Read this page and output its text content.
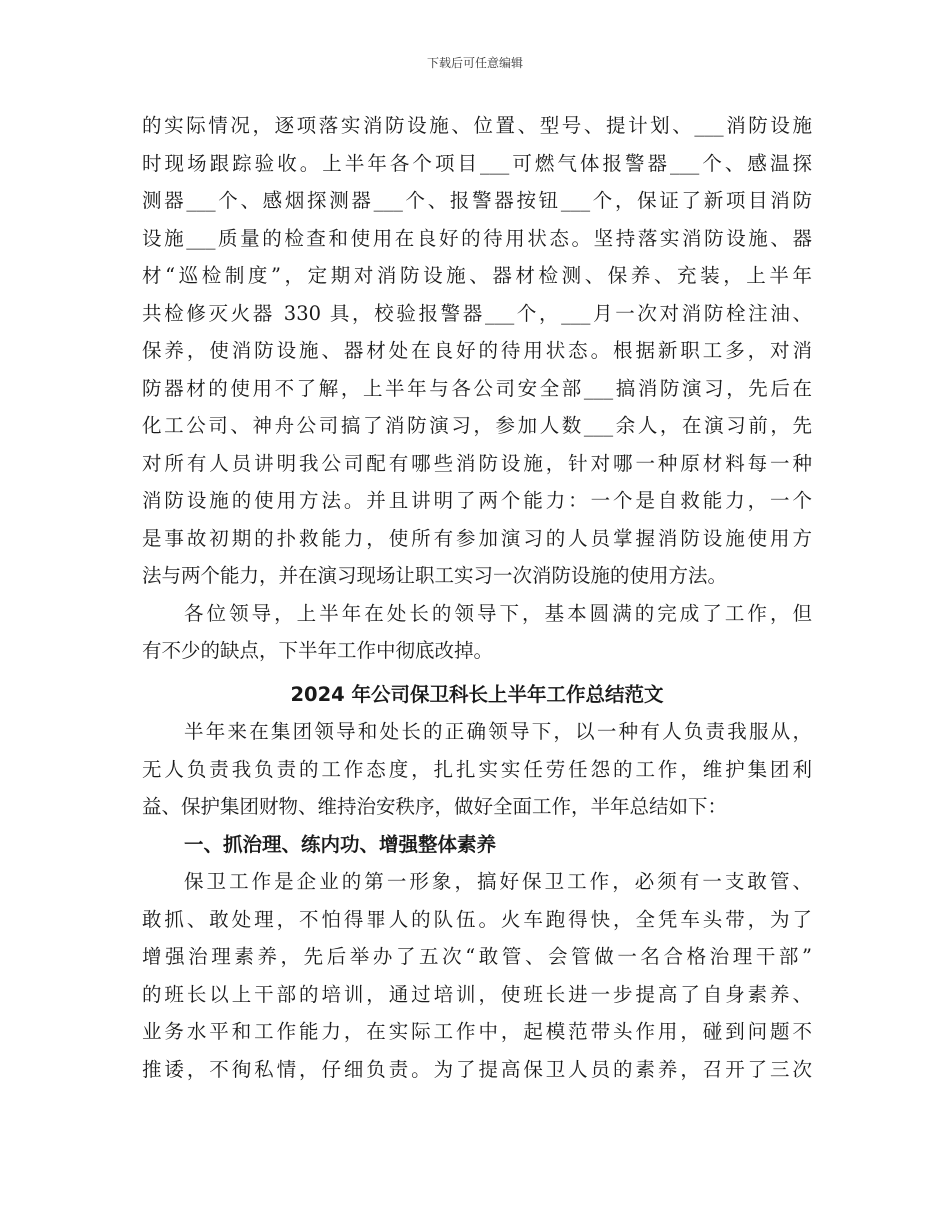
下载后可任意编辑
的实际情况，逐项落实消防设施、位置、型号、提计划、___消防设施
时现场跟踪验收。上半年各个项目___可燃气体报警器___个、感温探
测器___个、感烟探测器___个、报警器按钮___个，保证了新项目消防
设施___质量的检查和使用在良好的待用状态。坚持落实消防设施、器
材“巡检制度”，定期对消防设施、器材检测、保养、充装，上半年
共检修灭火器 330 具，校验报警器___个，___月一次对消防栓注油、
保养，使消防设施、器材处在良好的待用状态。根据新职工多，对消
防器材的使用不了解，上半年与各公司安全部___搞消防演习，先后在
化工公司、神舟公司搞了消防演习，参加人数___余人，在演习前，先
对所有人员讲明我公司配有哪些消防设施，针对哪一种原材料每一种
消防设施的使用方法。并且讲明了两个能力：一个是自救能力，一个
是事故初期的扑救能力，使所有参加演习的人员掌握消防设施使用方
法与两个能力，并在演习现场让职工实习一次消防设施的使用方法。
各位领导，上半年在处长的领导下，基本圆满的完成了工作，但
有不少的缺点，下半年工作中彻底改掉。
2024 年公司保卫科长上半年工作总结范文
半年来在集团领导和处长的正确领导下，以一种有人负责我服从，
无人负责我负责的工作态度，扎扎实实任劳任怨的工作，维护集团利
益、保护集团财物、维持治安秩序，做好全面工作，半年总结如下：
一、抓治理、练内功、增强整体素养
保卫工作是企业的第一形象，搞好保卫工作，必须有一支敢管、
敢抓、敢处理，不怕得罪人的队伍。火车跑得快，全凭车头带，为了
增强治理素养，先后举办了五次“敢管、会管做一名合格治理干部”
的班长以上干部的培训，通过培训，使班长进一步提高了自身素养、
业务水平和工作能力，在实际工作中，起模范带头作用，碰到问题不
推诿，不徇私情，仔细负责。为了提高保卫人员的素养，召开了三次
